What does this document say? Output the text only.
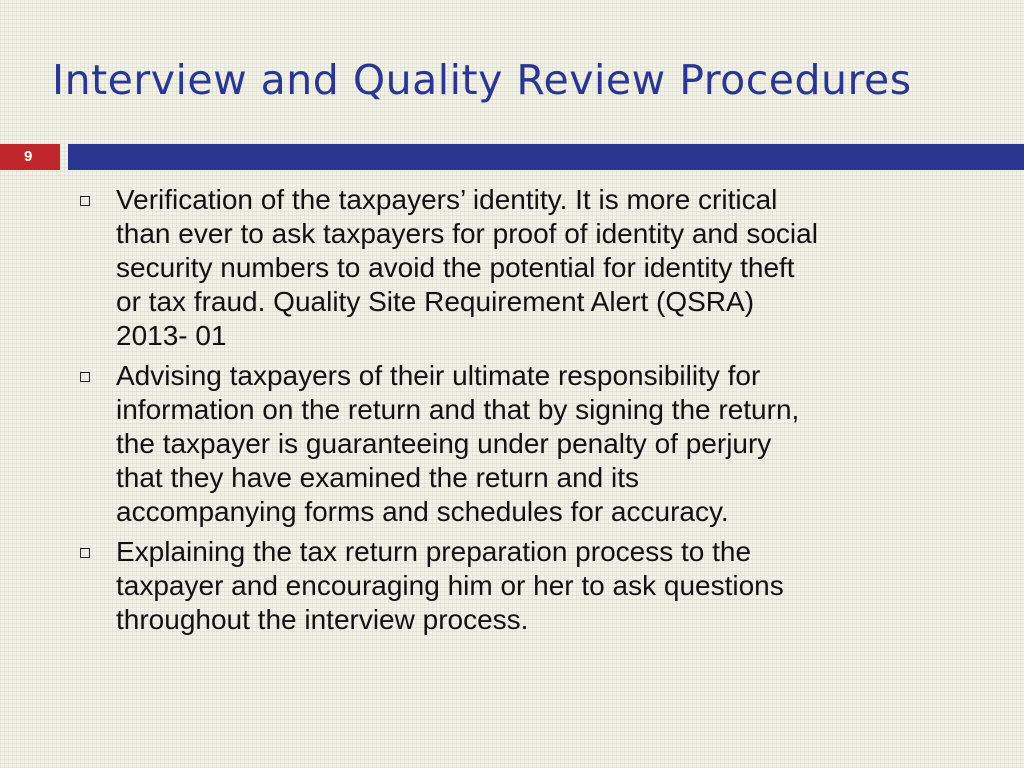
Interview and Quality Review Procedures
9

Verification of the taxpayers’ identity. It is more critical
than ever to ask taxpayers for proof of identity and social
security numbers to avoid the potential for identity theft
or tax fraud. Quality Site Requirement Alert (QSRA)
2013- 01

Advising taxpayers of their ultimate responsibility for
information on the return and that by signing the return,
the taxpayer is guaranteeing under penalty of perjury
that they have examined the return and its
accompanying forms and schedules for accuracy.

Explaining the tax return preparation process to the
taxpayer and encouraging him or her to ask questions
throughout the interview process.
